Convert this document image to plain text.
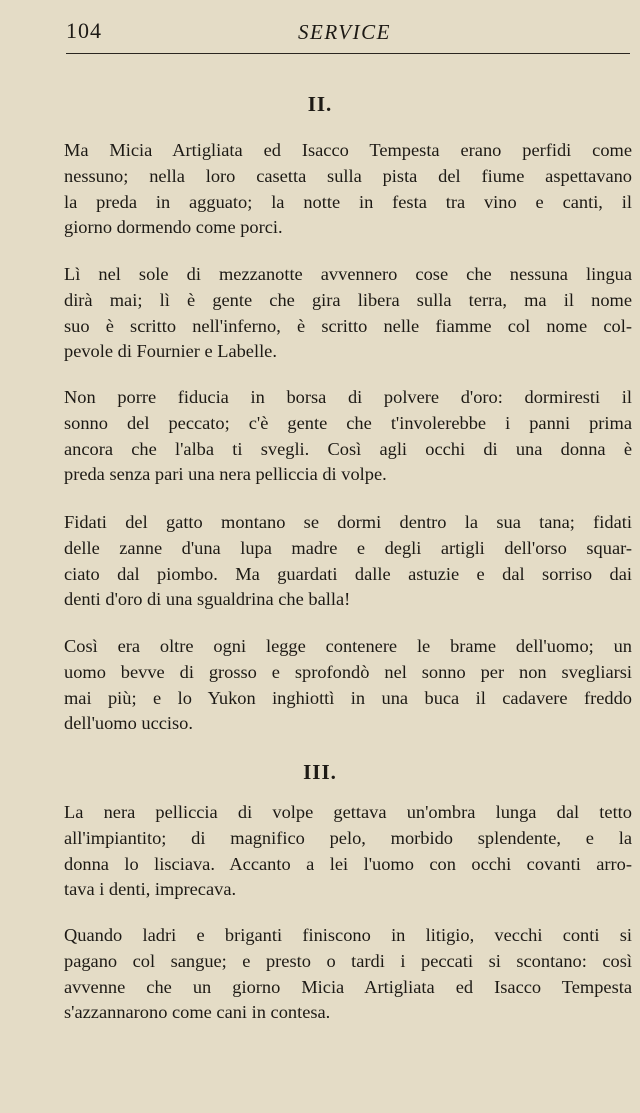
104	SERVICE
II.
Ma Micia Artigliata ed Isacco Tempesta erano perfidi come
nessuno; nella loro casetta sulla pista del fiume aspettavano
la preda in agguato; la notte in festa tra vino e canti, il
giorno dormendo come porci.
Lì nel sole di mezzanotte avvennero cose che nessuna lingua
dirà mai; lì è gente che gira libera sulla terra, ma il nome
suo è scritto nell'inferno, è scritto nelle fiamme col nome col-
pevole di Fournier e Labelle.
Non porre fiducia in borsa di polvere d'oro: dormiresti il
sonno del peccato; c'è gente che t'involerebbe i panni prima
ancora che l'alba ti svegli. Così agli occhi di una donna è
preda senza pari una nera pelliccia di volpe.
Fidati del gatto montano se dormi dentro la sua tana; fidati
delle zanne d'una lupa madre e degli artigli dell'orso squar-
ciato dal piombo. Ma guardati dalle astuzie e dal sorriso dai
denti d'oro di una sgualdrina che balla!
Così era oltre ogni legge contenere le brame dell'uomo; un
uomo bevve di grosso e sprofondò nel sonno per non svegliarsi
mai più; e lo Yukon inghiottì in una buca il cadavere freddo
dell'uomo ucciso.
III.
La nera pelliccia di volpe gettava un'ombra lunga dal tetto
all'impiantito; di magnifico pelo, morbido splendente, e la
donna lo lisciava. Accanto a lei l'uomo con occhi covanti arro-
tava i denti, imprecava.
Quando ladri e briganti finiscono in litigio, vecchi conti si
pagano col sangue; e presto o tardi i peccati si scontano: così
avvenne che un giorno Micia Artigliata ed Isacco Tempesta
s'azzannarono come cani in contesa.
